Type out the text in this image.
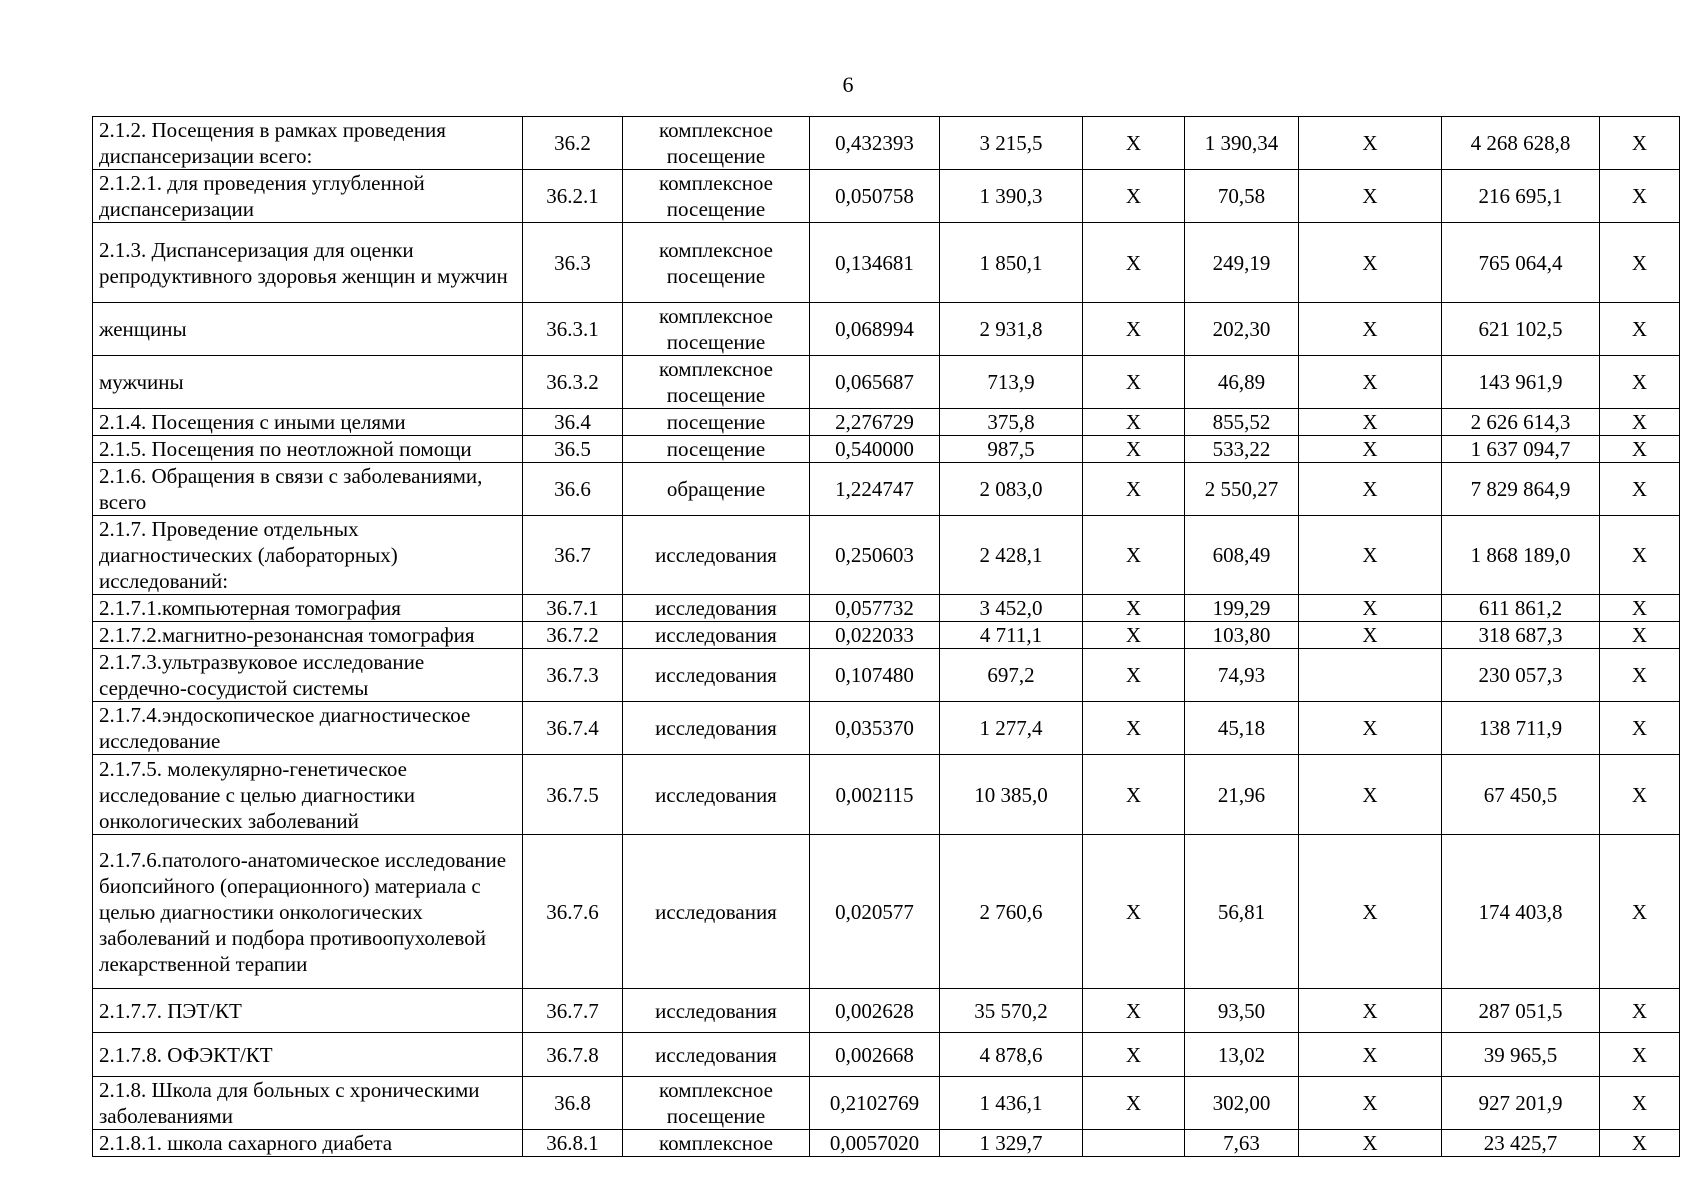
6
2.1.2. Посещения в рамках проведения диспансеризации всего:	36.2	комплексное посещение	0,432393	3 215,5	Х	1 390,34	Х	4 268 628,8	Х
2.1.2.1. для проведения углубленной диспансеризации	36.2.1	комплексное посещение	0,050758	1 390,3	Х	70,58	Х	216 695,1	Х
2.1.3. Диспансеризация для оценки репродуктивного здоровья женщин и мужчин	36.3	комплексное посещение	0,134681	1 850,1	Х	249,19	Х	765 064,4	Х
женщины	36.3.1	комплексное посещение	0,068994	2 931,8	Х	202,30	Х	621 102,5	Х
мужчины	36.3.2	комплексное посещение	0,065687	713,9	Х	46,89	Х	143 961,9	Х
2.1.4. Посещения с иными целями	36.4	посещение	2,276729	375,8	Х	855,52	Х	2 626 614,3	Х
2.1.5. Посещения по неотложной помощи	36.5	посещение	0,540000	987,5	Х	533,22	Х	1 637 094,7	Х
2.1.6. Обращения в связи с заболеваниями, всего	36.6	обращение	1,224747	2 083,0	Х	2 550,27	Х	7 829 864,9	Х
2.1.7. Проведение отдельных диагностических (лабораторных) исследований:	36.7	исследования	0,250603	2 428,1	Х	608,49	Х	1 868 189,0	Х
2.1.7.1.компьютерная томография	36.7.1	исследования	0,057732	3 452,0	Х	199,29	Х	611 861,2	Х
2.1.7.2.магнитно-резонансная томография	36.7.2	исследования	0,022033	4 711,1	Х	103,80	Х	318 687,3	Х
2.1.7.3.ультразвуковое исследование сердечно-сосудистой системы	36.7.3	исследования	0,107480	697,2	Х	74,93		230 057,3	Х
2.1.7.4.эндоскопическое диагностическое исследование	36.7.4	исследования	0,035370	1 277,4	Х	45,18	Х	138 711,9	Х
2.1.7.5. молекулярно-генетическое исследование с целью диагностики онкологических заболеваний	36.7.5	исследования	0,002115	10 385,0	Х	21,96	Х	67 450,5	Х
2.1.7.6.патолого-анатомическое исследование биопсийного (операционного) материала с целью диагностики онкологических заболеваний и подбора противоопухолевой лекарственной терапии	36.7.6	исследования	0,020577	2 760,6	Х	56,81	Х	174 403,8	Х
2.1.7.7. ПЭТ/КТ	36.7.7	исследования	0,002628	35 570,2	Х	93,50	Х	287 051,5	Х
2.1.7.8. ОФЭКТ/КТ	36.7.8	исследования	0,002668	4 878,6	Х	13,02	Х	39 965,5	Х
2.1.8. Школа для больных с хроническими заболеваниями	36.8	комплексное посещение	0,2102769	1 436,1	Х	302,00	Х	927 201,9	Х
2.1.8.1. школа сахарного диабета	36.8.1	комплексное	0,0057020	1 329,7		7,63	Х	23 425,7	Х
